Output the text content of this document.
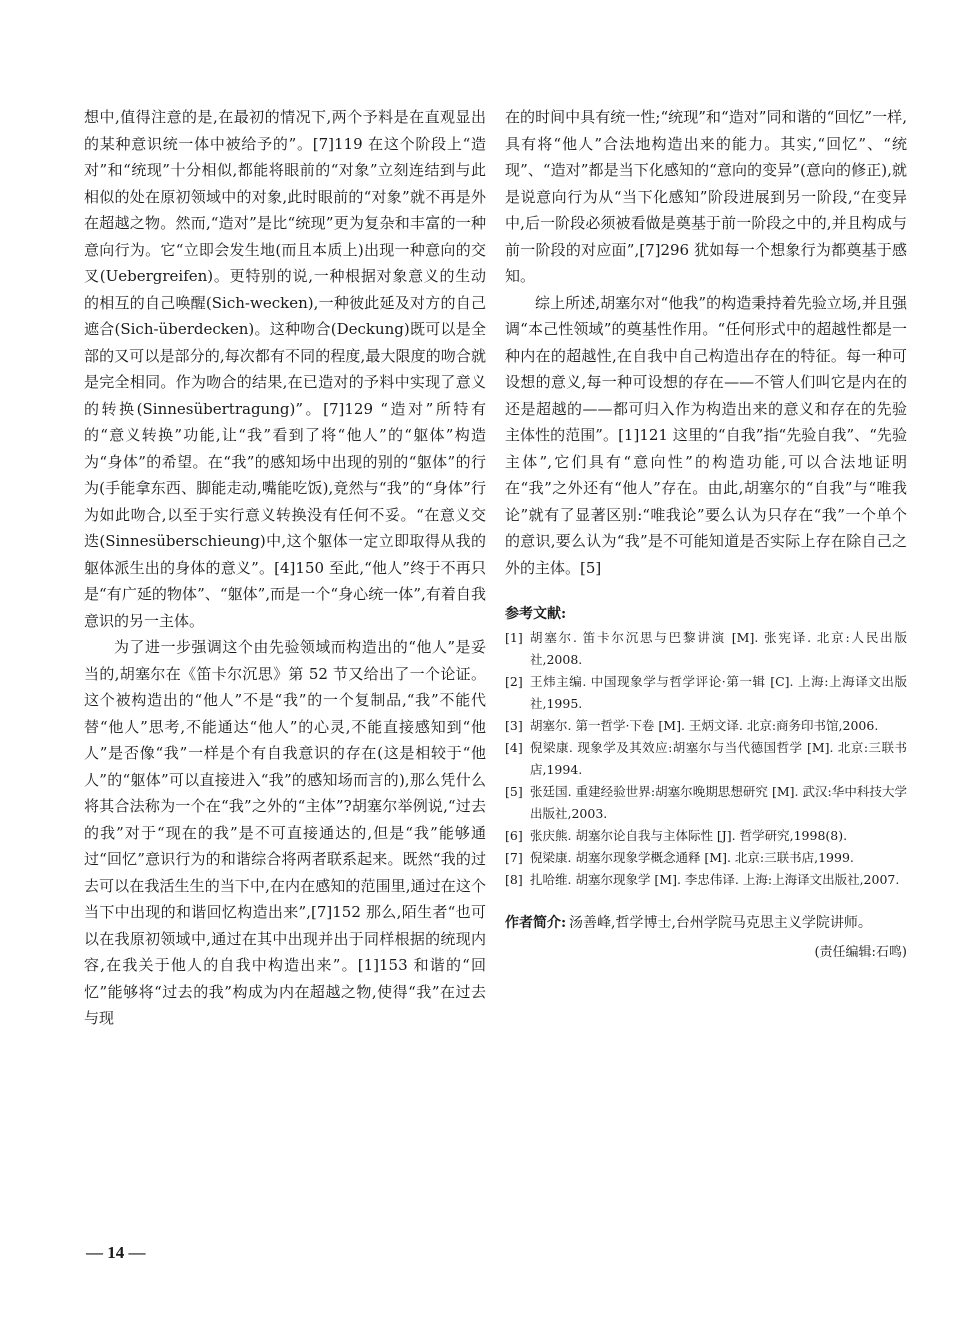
想中,值得注意的是,在最初的情况下,两个予料是在直观显出的某种意识统一体中被给予的”。[7]119 在这个阶段上“造对”和“统现”十分相似,都能将眼前的“对象”立刻连结到与此相似的处在原初领域中的对象,此时眼前的“对象”就不再是外在超越之物。然而,“造对”是比“统现”更为复杂和丰富的一种意向行为。它“立即会发生地(而且本质上)出现一种意向的交叉(Uebergreifen)。更特别的说,一种根据对象意义的生动的相互的自己唤醒(Sich-wecken),一种彼此延及对方的自己遮合(Sich-überdecken)。这种吻合(Deckung)既可以是全部的又可以是部分的,每次都有不同的程度,最大限度的吻合就是完全相同。作为吻合的结果,在已造对的予料中实现了意义的转换(Sinnesübertragung)”。[7]129 “造对”所特有的“意义转换”功能,让“我”看到了将“他人”的“躯体”构造为“身体”的希望。在“我”的感知场中出现的别的“躯体”的行为(手能拿东西、脚能走动,嘴能吃饭),竟然与“我”的“身体”行为如此吻合,以至于实行意义转换没有任何不妥。“在意义交迭(Sinnesüberschieung)中,这个躯体一定立即取得从我的躯体派生出的身体的意义”。[4]150 至此,“他人”终于不再只是“有广延的物体”、“躯体”,而是一个“身心统一体”,有着自我意识的另一主体。

为了进一步强调这个由先验领域而构造出的“他人”是妥当的,胡塞尔在《笛卡尔沉思》第 52 节又给出了一个论证。这个被构造出的“他人”不是“我”的一个复制品,“我”不能代替“他人”思考,不能通达“他人”的心灵,不能直接感知到“他人”是否像“我”一样是个有自我意识的存在(这是相较于“他人”的“躯体”可以直接进入“我”的感知场而言的),那么凭什么将其合法称为一个在“我”之外的“主体”?胡塞尔举例说,“过去的我”对于“现在的我”是不可直接通达的,但是“我”能够通过“回忆”意识行为的和谐综合将两者联系起来。既然“我的过去可以在我活生生的当下中,在内在感知的范围里,通过在这个当下中出现的和谐回忆构造出来”,[7]152 那么,陌生者“也可以在我原初领域中,通过在其中出现并出于同样根据的统现内容,在我关于他人的自我中构造出来”。[1]153 和谐的“回忆”能够将“过去的我”构成为内在超越之物,使得“我”在过去与现

在的时间中具有统一性;“统现”和“造对”同和谐的“回忆”一样,具有将“他人”合法地构造出来的能力。其实,“回忆”、“统现”、“造对”都是当下化感知的“意向的变异”(意向的修正),就是说意向行为从“当下化感知”阶段进展到另一阶段,“在变异中,后一阶段必须被看做是奠基于前一阶段之中的,并且构成与前一阶段的对应面”,[7]296 犹如每一个想象行为都奠基于感知。

综上所述,胡塞尔对“他我”的构造秉持着先验立场,并且强调“本己性领域”的奠基性作用。“任何形式中的超越性都是一种内在的超越性,在自我中自己构造出存在的特征。每一种可设想的意义,每一种可设想的存在——不管人们叫它是内在的还是超越的——都可归入作为构造出来的意义和存在的先验主体性的范围”。[1]121 这里的“自我”指“先验自我”、“先验主体”,它们具有“意向性”的构造功能,可以合法地证明在“我”之外还有“他人”存在。由此,胡塞尔的“自我”与“唯我论”就有了显著区别:“唯我论”要么认为只存在“我”一个单个的意识,要么认为“我”是不可能知道是否实际上存在除自己之外的主体。[5]

参考文献:
[1] 胡塞尔. 笛卡尔沉思与巴黎讲演 [M]. 张宪译. 北京:人民出版社,2008.
[2] 王炜主编. 中国现象学与哲学评论·第一辑 [C]. 上海:上海译文出版社,1995.
[3] 胡塞尔. 第一哲学·下卷 [M]. 王炳文译. 北京:商务印书馆,2006.
[4] 倪梁康. 现象学及其效应:胡塞尔与当代德国哲学 [M]. 北京:三联书店,1994.
[5] 张廷国. 重建经验世界:胡塞尔晚期思想研究 [M]. 武汉:华中科技大学出版社,2003.
[6] 张庆熊. 胡塞尔论自我与主体际性 [J]. 哲学研究,1998(8).
[7] 倪梁康. 胡塞尔现象学概念通释 [M]. 北京:三联书店,1999.
[8] 扎哈维. 胡塞尔现象学 [M]. 李忠伟译. 上海:上海译文出版社,2007.
作者简介: 汤善峰,哲学博士,台州学院马克思主义学院讲师。
(责任编辑:石鸣)
— 14 —
